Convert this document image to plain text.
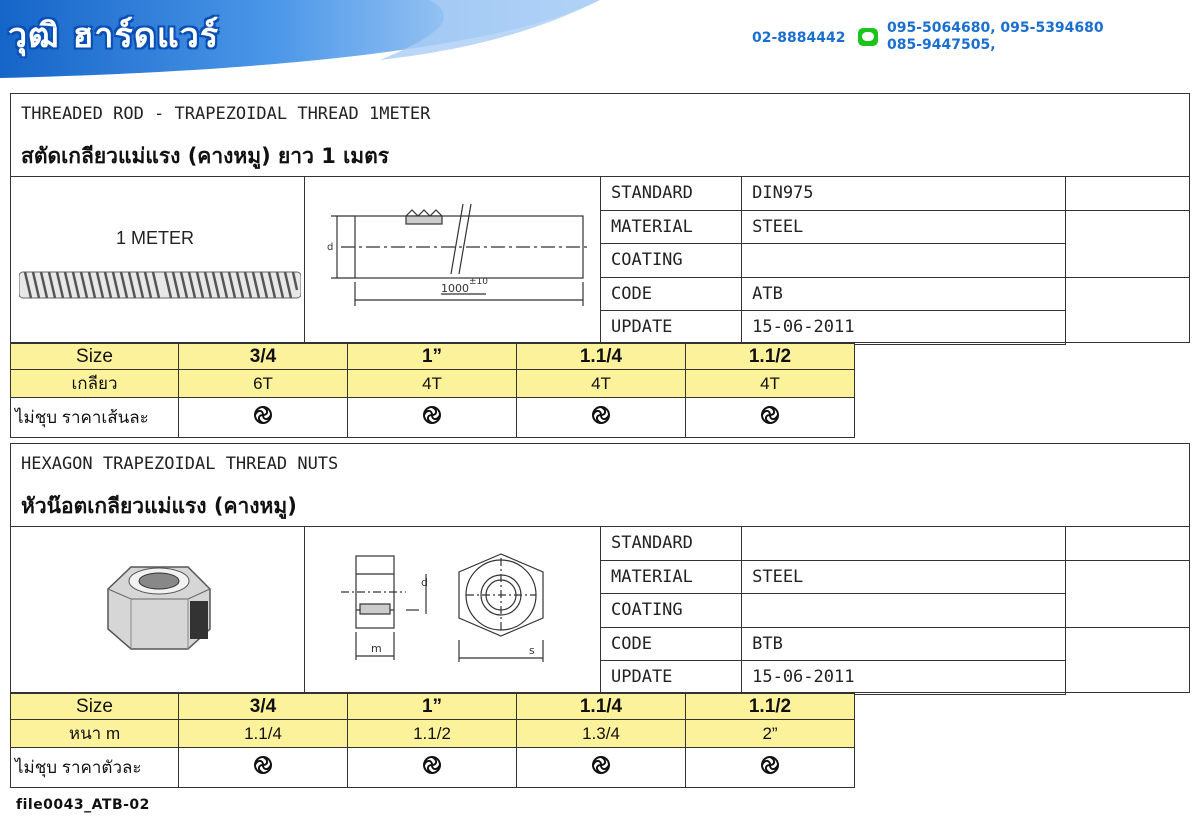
วุฒิ ฮาร์ดแวร์	02-8884442
095-5064680, 095-5394680
085-9447505,
THREADED ROD - TRAPEZOIDAL THREAD 1METER
สตัดเกลียวแม่แรง (คางหมู) ยาว 1 เมตร
1 METER	d
1000 ±10
STANDARD	DIN975	
MATERIAL	STEEL	
COATING		
CODE	ATB	
UPDATE	15-06-2011	
Size	3/4	1”	1.1/4	1.1/2
เกลียว	6T	4T	4T	4T
ไม่ชุบ ราคาเส้นละ				
HEXAGON TRAPEZOIDAL THREAD NUTS
หัวน๊อตเกลียวแม่แรง (คางหมู)
d
m	s
STANDARD		
MATERIAL	STEEL	
COATING		
CODE	BTB	
UPDATE	15-06-2011	
Size	3/4	1”	1.1/4	1.1/2
หนา m	1.1/4	1.1/2	1.3/4	2”
ไม่ชุบ ราคาตัวละ				
file0043_ATB-02
